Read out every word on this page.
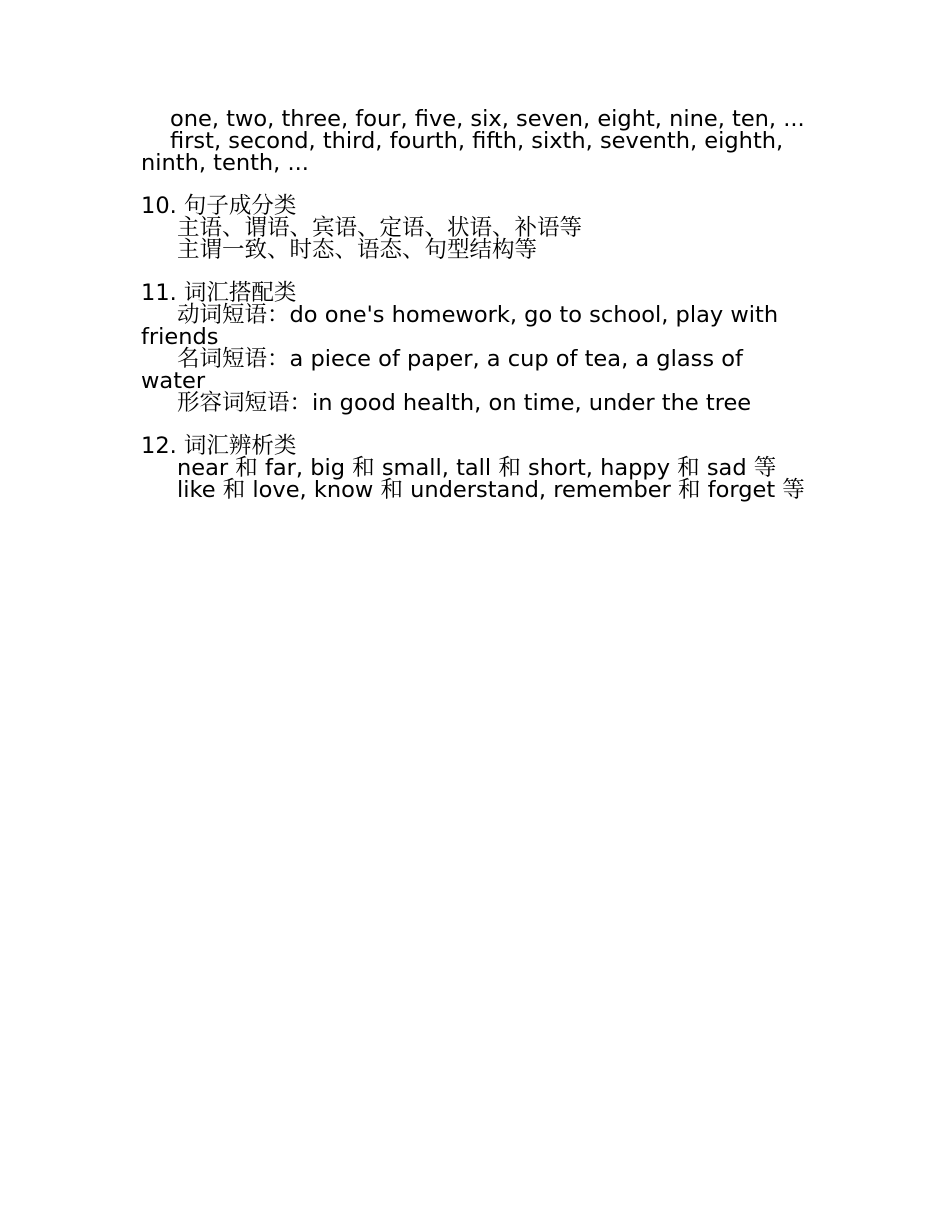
one, two, three, four, five, six, seven, eight, nine, ten, ...

first, second, third, fourth, fifth, sixth, seventh, eighth, ninth, tenth, ...

10. 句子成分类

主语、谓语、宾语、定语、状语、补语等

主谓一致、时态、语态、句型结构等

11. 词汇搭配类

动词短语：do one's homework, go to school, play with friends

名词短语：a piece of paper, a cup of tea, a glass of water

形容词短语：in good health, on time, under the tree

12. 词汇辨析类

near 和 far, big 和 small, tall 和 short, happy 和 sad 等

like 和 love, know 和 understand, remember 和 forget 等
